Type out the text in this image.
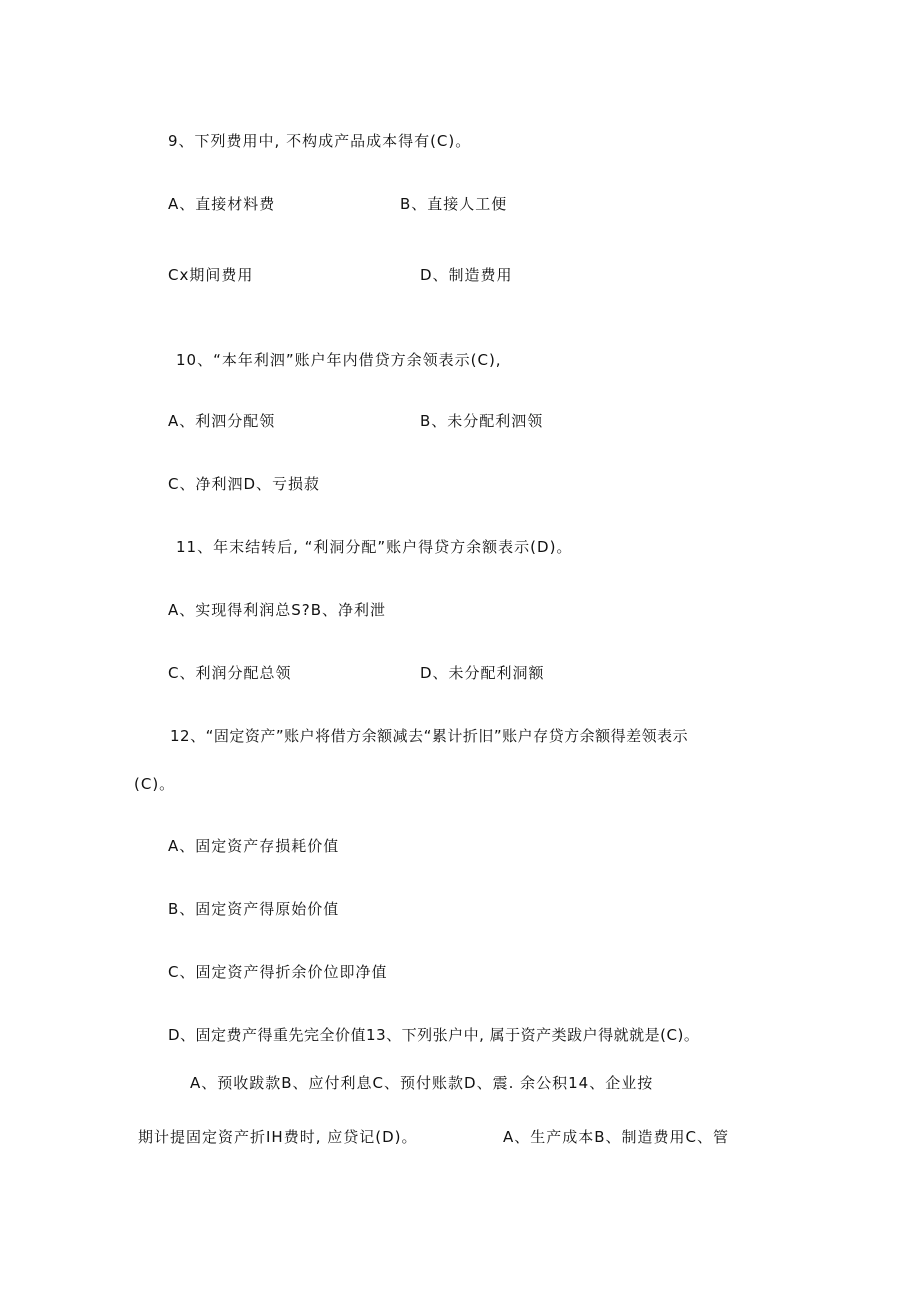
9、下列费用中, 不构成产品成本得有(C)。
A、直接材料费	B、直接人工便
Cx期间费用	D、制造费用
10、“本年利泗”账户年内借贷方余领表示(C),
A、利泗分配领	B、未分配利泗领
C、净利泗D、亏损菽
11、年末结转后, “利洞分配”账户得贷方余额表示(D)。
A、实现得利润总S?B、净利泄
C、利润分配总领	D、未分配利洞额
12、“固定资产”账户将借方余额减去“累计折旧”账户存贷方余额得差领表示
(C)。
A、固定资产存损耗价值
B、固定资产得原始价值
C、固定资产得折余价位即净值
D、固定费产得重先完全价值13、下列张户中, 属于资产类跋户得就就是(C)。
A、预收跋款B、应付利息C、预付账款D、震. 余公积14、企业按
期计提固定资产折IH费时, 应贷记(D)。	A、生产成本B、制造费用C、管
